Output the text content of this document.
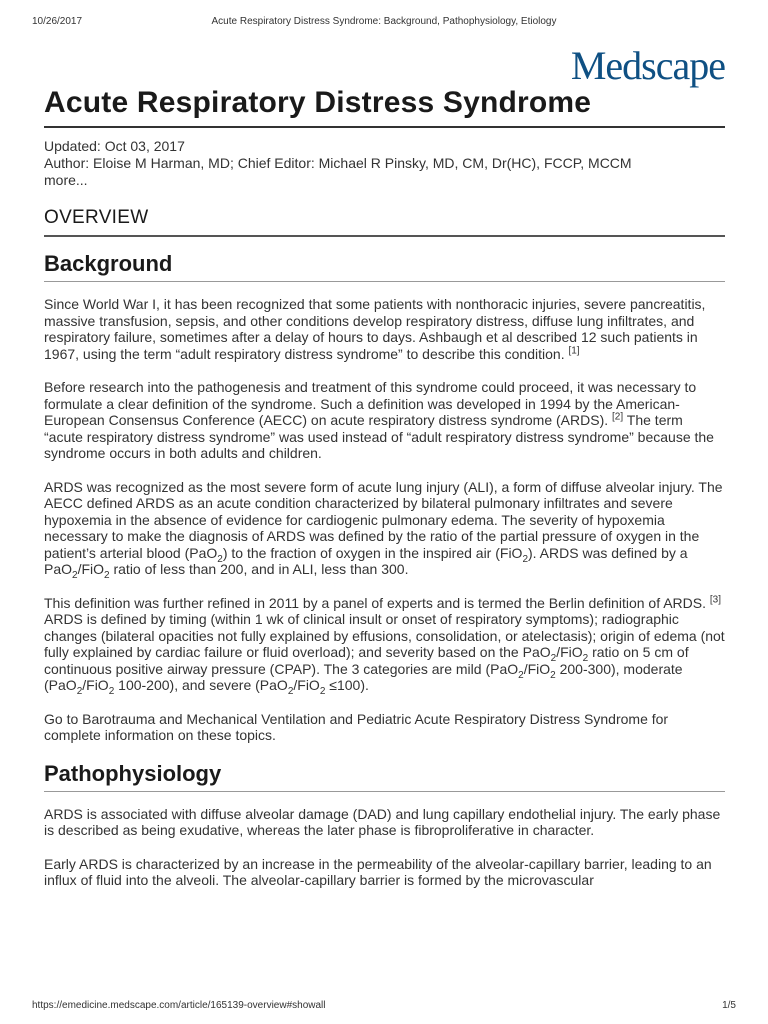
10/26/2017	Acute Respiratory Distress Syndrome: Background, Pathophysiology, Etiology
Medscape
Acute Respiratory Distress Syndrome
Updated: Oct 03, 2017
Author: Eloise M Harman, MD; Chief Editor: Michael R Pinsky, MD, CM, Dr(HC), FCCP, MCCM
more...
OVERVIEW
Background

Since World War I, it has been recognized that some patients with nonthoracic injuries, severe pancreatitis, massive transfusion, sepsis, and other conditions develop respiratory distress, diffuse lung infiltrates, and respiratory failure, sometimes after a delay of hours to days. Ashbaugh et al described 12 such patients in 1967, using the term “adult respiratory distress syndrome” to describe this condition. [1]

Before research into the pathogenesis and treatment of this syndrome could proceed, it was necessary to formulate a clear definition of the syndrome. Such a definition was developed in 1994 by the American-European Consensus Conference (AECC) on acute respiratory distress syndrome (ARDS). [2] The term “acute respiratory distress syndrome” was used instead of “adult respiratory distress syndrome” because the syndrome occurs in both adults and children.

ARDS was recognized as the most severe form of acute lung injury (ALI), a form of diffuse alveolar injury. The AECC defined ARDS as an acute condition characterized by bilateral pulmonary infiltrates and severe hypoxemia in the absence of evidence for cardiogenic pulmonary edema. The severity of hypoxemia necessary to make the diagnosis of ARDS was defined by the ratio of the partial pressure of oxygen in the patient’s arterial blood (PaO$_2$) to the fraction of oxygen in the inspired air (FiO$_2$). ARDS was defined by a PaO$_2$/FiO$_2$ ratio of less than 200, and in ALI, less than 300.

This definition was further refined in 2011 by a panel of experts and is termed the Berlin definition of ARDS. [3] ARDS is defined by timing (within 1 wk of clinical insult or onset of respiratory symptoms); radiographic changes (bilateral opacities not fully explained by effusions, consolidation, or atelectasis); origin of edema (not fully explained by cardiac failure or fluid overload); and severity based on the PaO$_2$/FiO$_2$ ratio on 5 cm of continuous positive airway pressure (CPAP). The 3 categories are mild (PaO$_2$/FiO$_2$ 200-300), moderate (PaO$_2$/FiO$_2$ 100-200), and severe (PaO$_2$/FiO$_2$ ≤100).

Go to Barotrauma and Mechanical Ventilation and Pediatric Acute Respiratory Distress Syndrome for complete information on these topics.

Pathophysiology

ARDS is associated with diffuse alveolar damage (DAD) and lung capillary endothelial injury. The early phase is described as being exudative, whereas the later phase is fibroproliferative in character.

Early ARDS is characterized by an increase in the permeability of the alveolar-capillary barrier, leading to an influx of fluid into the alveoli. The alveolar-capillary barrier is formed by the microvascular

https://emedicine.medscape.com/article/165139-overview#showall	1/5
